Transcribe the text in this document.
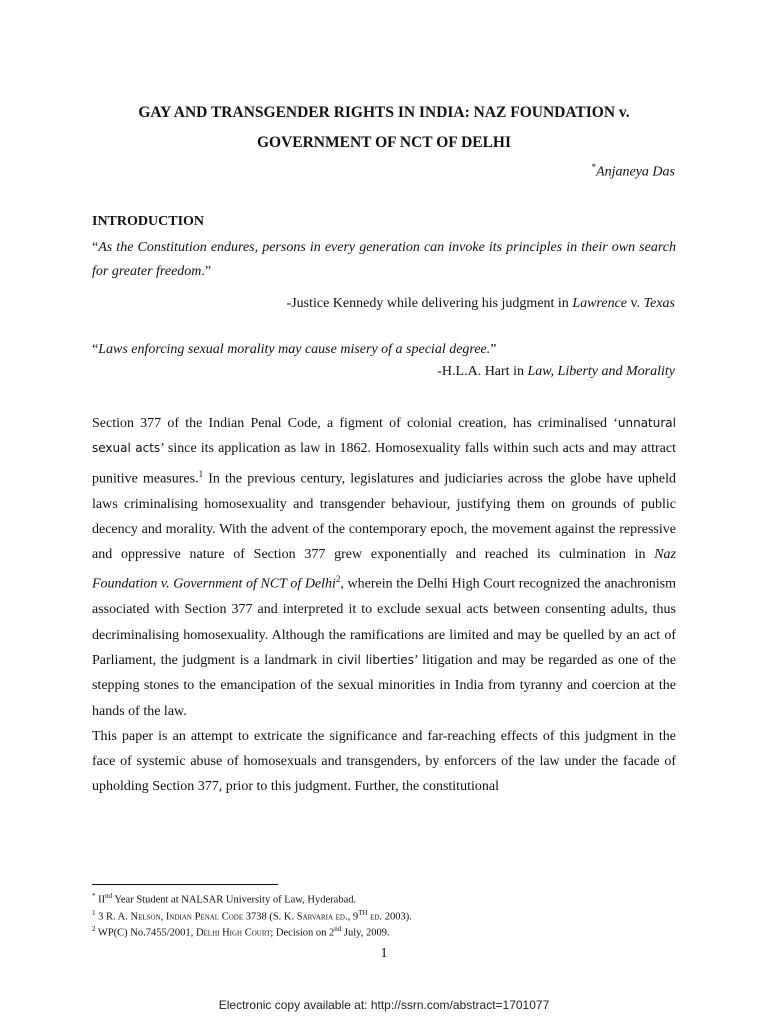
GAY AND TRANSGENDER RIGHTS IN INDIA: NAZ FOUNDATION v.
GOVERNMENT OF NCT OF DELHI
*Anjaneya Das
INTRODUCTION
“As the Constitution endures, persons in every generation can invoke its principles in their own search for greater freedom.”
-Justice Kennedy while delivering his judgment in Lawrence v. Texas
“Laws enforcing sexual morality may cause misery of a special degree.”
-H.L.A. Hart in Law, Liberty and Morality

Section 377 of the Indian Penal Code, a figment of colonial creation, has criminalised ‘unnatural sexual acts’ since its application as law in 1862. Homosexuality falls within such acts and may attract punitive measures.$^1$ In the previous century, legislatures and judiciaries across the globe have upheld laws criminalising homosexuality and transgender behaviour, justifying them on grounds of public decency and morality. With the advent of the contemporary epoch, the movement against the repressive and oppressive nature of Section 377 grew exponentially and reached its culmination in Naz Foundation v. Government of NCT of Delhi$^2$, wherein the Delhi High Court recognized the anachronism associated with Section 377 and interpreted it to exclude sexual acts between consenting adults, thus decriminalising homosexuality. Although the ramifications are limited and may be quelled by an act of Parliament, the judgment is a landmark in civil liberties’ litigation and may be regarded as one of the stepping stones to the emancipation of the sexual minorities in India from tyranny and coercion at the hands of the law.

This paper is an attempt to extricate the significance and far-reaching effects of this judgment in the face of systemic abuse of homosexuals and transgenders, by enforcers of the law under the facade of upholding Section 377, prior to this judgment. Further, the constitutional

* IInd Year Student at NALSAR University of Law, Hyderabad.
$^1$ 3 R. A. Nelson, Indian Penal Code 3738 (S. K. Sarvaria ed., 9TH ed. 2003).
$^2$ WP(C) No.7455/2001, Delhi High Court; Decision on 2nd July, 2009.
1
Electronic copy available at: http://ssrn.com/abstract=1701077
